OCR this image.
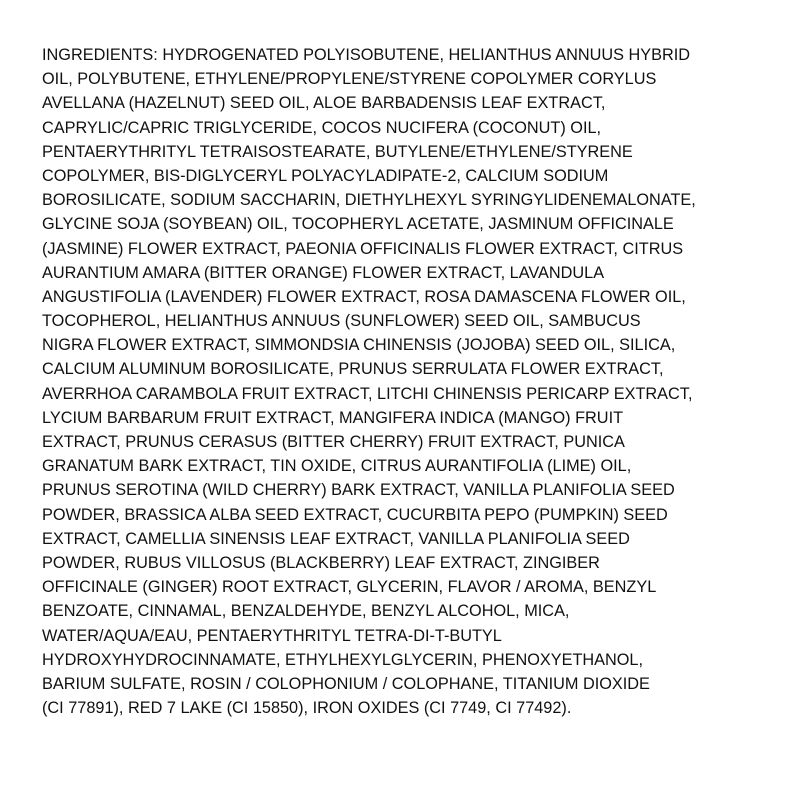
INGREDIENTS: HYDROGENATED POLYISOBUTENE, HELIANTHUS ANNUUS HYBRID
OIL, POLYBUTENE, ETHYLENE/PROPYLENE/STYRENE COPOLYMER CORYLUS
AVELLANA (HAZELNUT) SEED OIL, ALOE BARBADENSIS LEAF EXTRACT,
CAPRYLIC/CAPRIC TRIGLYCERIDE, COCOS NUCIFERA (COCONUT) OIL,
PENTAERYTHRITYL TETRAISOSTEARATE, BUTYLENE/ETHYLENE/STYRENE
COPOLYMER, BIS-DIGLYCERYL POLYACYLADIPATE-2, CALCIUM SODIUM
BOROSILICATE, SODIUM SACCHARIN, DIETHYLHEXYL SYRINGYLIDENEMALONATE,
GLYCINE SOJA (SOYBEAN) OIL, TOCOPHERYL ACETATE, JASMINUM OFFICINALE
(JASMINE) FLOWER EXTRACT, PAEONIA OFFICINALIS FLOWER EXTRACT, CITRUS
AURANTIUM AMARA (BITTER ORANGE) FLOWER EXTRACT, LAVANDULA
ANGUSTIFOLIA (LAVENDER) FLOWER EXTRACT, ROSA DAMASCENA FLOWER OIL,
TOCOPHEROL, HELIANTHUS ANNUUS (SUNFLOWER) SEED OIL, SAMBUCUS
NIGRA FLOWER EXTRACT, SIMMONDSIA CHINENSIS (JOJOBA) SEED OIL, SILICA,
CALCIUM ALUMINUM BOROSILICATE, PRUNUS SERRULATA FLOWER EXTRACT,
AVERRHOA CARAMBOLA FRUIT EXTRACT, LITCHI CHINENSIS PERICARP EXTRACT,
LYCIUM BARBARUM FRUIT EXTRACT, MANGIFERA INDICA (MANGO) FRUIT
EXTRACT, PRUNUS CERASUS (BITTER CHERRY) FRUIT EXTRACT, PUNICA
GRANATUM BARK EXTRACT, TIN OXIDE, CITRUS AURANTIFOLIA (LIME) OIL,
PRUNUS SEROTINA (WILD CHERRY) BARK EXTRACT, VANILLA PLANIFOLIA SEED
POWDER, BRASSICA ALBA SEED EXTRACT, CUCURBITA PEPO (PUMPKIN) SEED
EXTRACT, CAMELLIA SINENSIS LEAF EXTRACT, VANILLA PLANIFOLIA SEED
POWDER, RUBUS VILLOSUS (BLACKBERRY) LEAF EXTRACT, ZINGIBER
OFFICINALE (GINGER) ROOT EXTRACT, GLYCERIN, FLAVOR / AROMA, BENZYL
BENZOATE, CINNAMAL, BENZALDEHYDE, BENZYL ALCOHOL, MICA,
WATER/AQUA/EAU, PENTAERYTHRITYL TETRA-DI-T-BUTYL
HYDROXYHYDROCINNAMATE, ETHYLHEXYLGLYCERIN, PHENOXYETHANOL,
BARIUM SULFATE, ROSIN / COLOPHONIUM / COLOPHANE, TITANIUM DIOXIDE
(CI 77891), RED 7 LAKE (CI 15850), IRON OXIDES (CI 7749, CI 77492).
